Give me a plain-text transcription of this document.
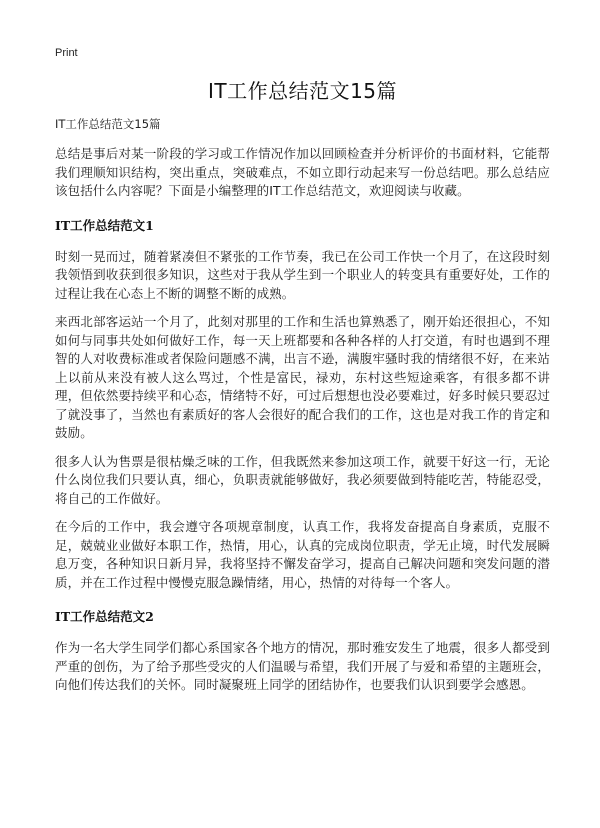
Print
IT工作总结范文15篇
IT工作总结范文15篇

总结是事后对某一阶段的学习或工作情况作加以回顾检查并分析评价的书面材料，它能帮我们理顺知识结构，突出重点，突破难点，不如立即行动起来写一份总结吧。那么总结应该包括什么内容呢？下面是小编整理的IT工作总结范文，欢迎阅读与收藏。

IT工作总结范文1

时刻一晃而过，随着紧凑但不紧张的工作节奏，我已在公司工作快一个月了，在这段时刻我领悟到收获到很多知识，这些对于我从学生到一个职业人的转变具有重要好处，工作的过程让我在心态上不断的调整不断的成熟。

来西北部客运站一个月了，此刻对那里的工作和生活也算熟悉了，刚开始还很担心，不知如何与同事共处如何做好工作，每一天上班都要和各种各样的人打交道，有时也遇到不理智的人对收费标准或者保险问题感不满，出言不逊，满腹牢骚时我的情绪很不好，在来站上以前从来没有被人这么骂过，个性是富民，禄劝，东村这些短途乘客，有很多都不讲理，但依然要持续平和心态，情绪特不好，可过后想想也没必要难过，好多时候只要忍过了就没事了，当然也有素质好的客人会很好的配合我们的工作，这也是对我工作的肯定和鼓励。

很多人认为售票是很枯燥乏味的工作，但我既然来参加这项工作，就要干好这一行，无论什么岗位我们只要认真，细心，负职责就能够做好，我必须要做到特能吃苦，特能忍受，将自己的工作做好。

在今后的工作中，我会遵守各项规章制度，认真工作，我将发奋提高自身素质，克服不足，兢兢业业做好本职工作，热情，用心，认真的完成岗位职责，学无止境，时代发展瞬息万变，各种知识日新月异，我将坚持不懈发奋学习，提高自己解决问题和突发问题的潜质，并在工作过程中慢慢克服急躁情绪，用心，热情的对待每一个客人。

IT工作总结范文2

作为一名大学生同学们都心系国家各个地方的情况，那时雅安发生了地震，很多人都受到严重的创伤，为了给予那些受灾的人们温暖与希望，我们开展了与爱和希望的主题班会，向他们传达我们的关怀。同时凝聚班上同学的团结协作，也要我们认识到要学会感恩。
